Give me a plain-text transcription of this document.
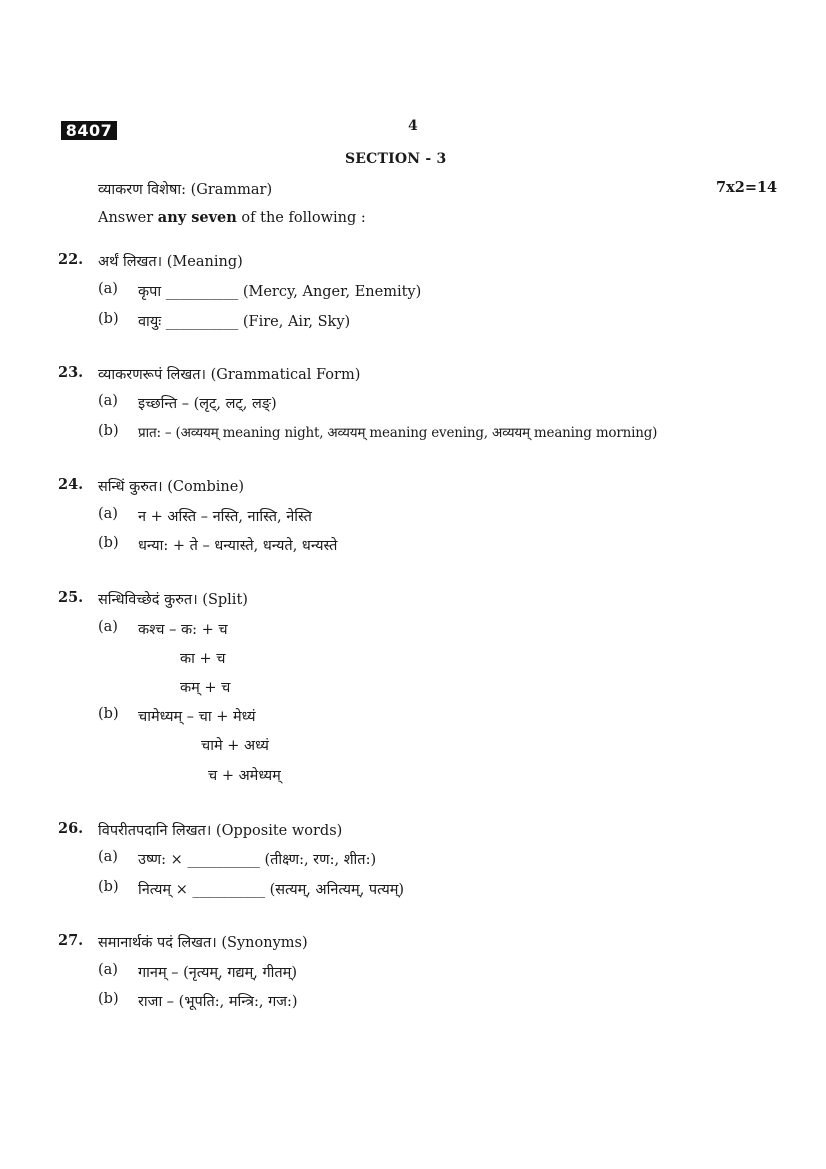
8407	4
SECTION - 3
व्याकरण विशेषा: (Grammar)	7x2=14
Answer any seven of the following :
22. अर्थं लिखत। (Meaning)
(a) कृपा __________ (Mercy, Anger, Enemity)
(b) वायुः __________ (Fire, Air, Sky)
23. व्याकरणरूपं लिखत। (Grammatical Form)
(a) इच्छन्ति – (लृट्, लट्, लङ्)
(b) प्रात: – (अव्ययम् meaning night, अव्ययम् meaning evening, अव्ययम् meaning morning)
24. सन्धिं कुरुत। (Combine)
(a) न + अस्ति – नस्ति, नास्ति, नेस्ति
(b) धन्या: + ते – धन्यास्ते, धन्यते, धन्यस्ते
25. सन्धिविच्छेदं कुरुत। (Split)
(a) कश्च – क: + च
का + च
कम् + च
(b) चामेध्यम् – चा + मेध्यं
चामे + अध्यं
च + अमेध्यम्
26. विपरीतपदानि लिखत। (Opposite words)
(a) उष्ण: × __________ (तीक्ष्ण:, रण:, शीत:)
(b) नित्यम् × __________ (सत्यम्, अनित्यम्, पत्यम्)
27. समानार्थकं पदं लिखत। (Synonyms)
(a) गानम् – (नृत्यम्, गद्यम्, गीतम्)
(b) राजा – (भूपति:, मन्त्रि:, गज:)
